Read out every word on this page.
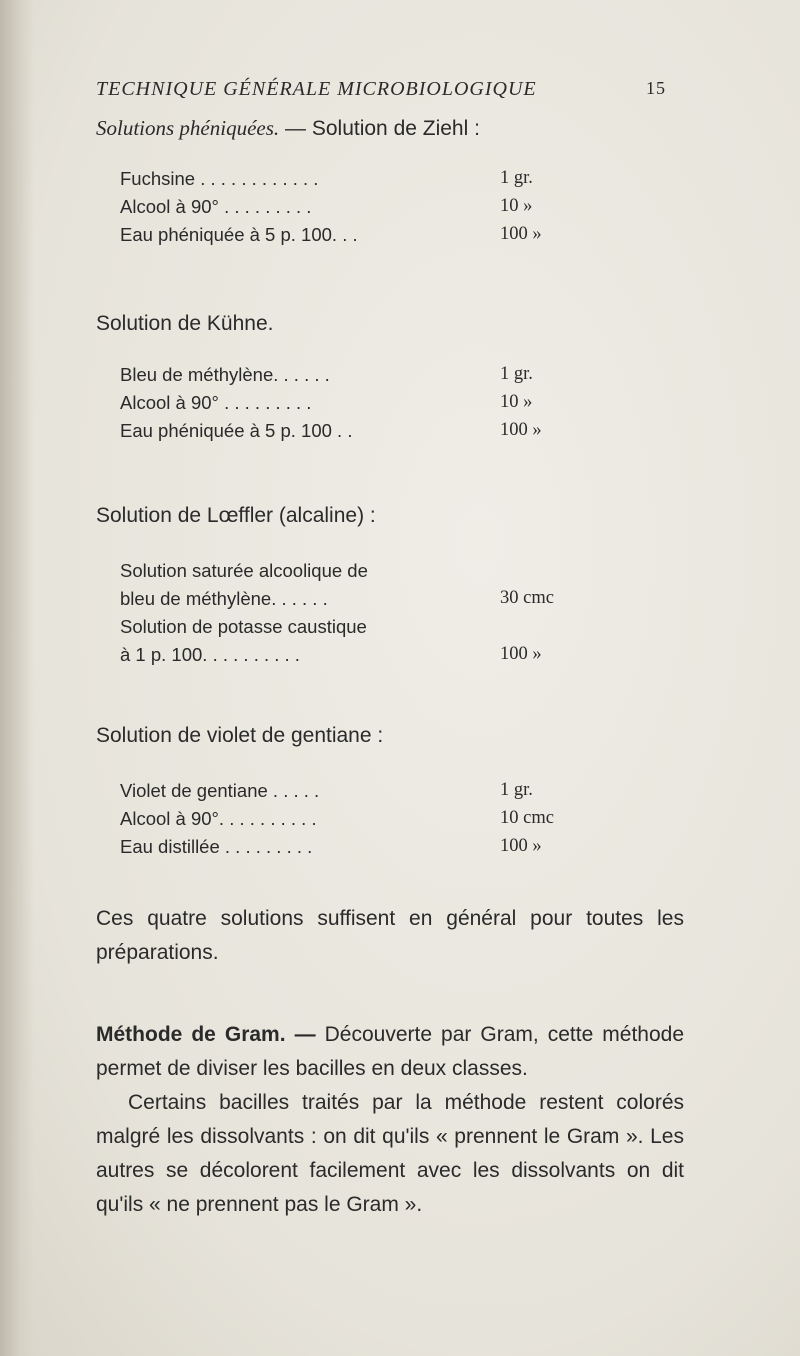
TECHNIQUE GÉNÉRALE MICROBIOLOGIQUE	15
Solutions phéniquées. — Solution de Ziehl :
Fuchsine . . . . . . . . . . . .	1 gr.
Alcool à 90° . . . . . . . . .	10 »
Eau phéniquée à 5 p. 100. . .	100 »
Solution de Kühne.
Bleu de méthylène. . . . . .	1 gr.
Alcool à 90° . . . . . . . . .	10 »
Eau phéniquée à 5 p. 100 . .	100 »
Solution de Lœffler (alcaline) :
Solution saturée alcoolique de
bleu de méthylène. . . . . .	30 cmc
Solution de potasse caustique
à 1 p. 100. . . . . . . . . .	100 »
Solution de violet de gentiane :
Violet de gentiane . . . . .	1 gr.
Alcool à 90°. . . . . . . . . .	10 cmc
Eau distillée . . . . . . . . .	100 »

Ces quatre solutions suffisent en général pour toutes les préparations.

Méthode de Gram. — Découverte par Gram, cette méthode permet de diviser les bacilles en deux classes.

Certains bacilles traités par la méthode restent colorés malgré les dissolvants : on dit qu'ils « prennent le Gram ». Les autres se décolorent facilement avec les dissolvants on dit qu'ils « ne prennent pas le Gram ».
